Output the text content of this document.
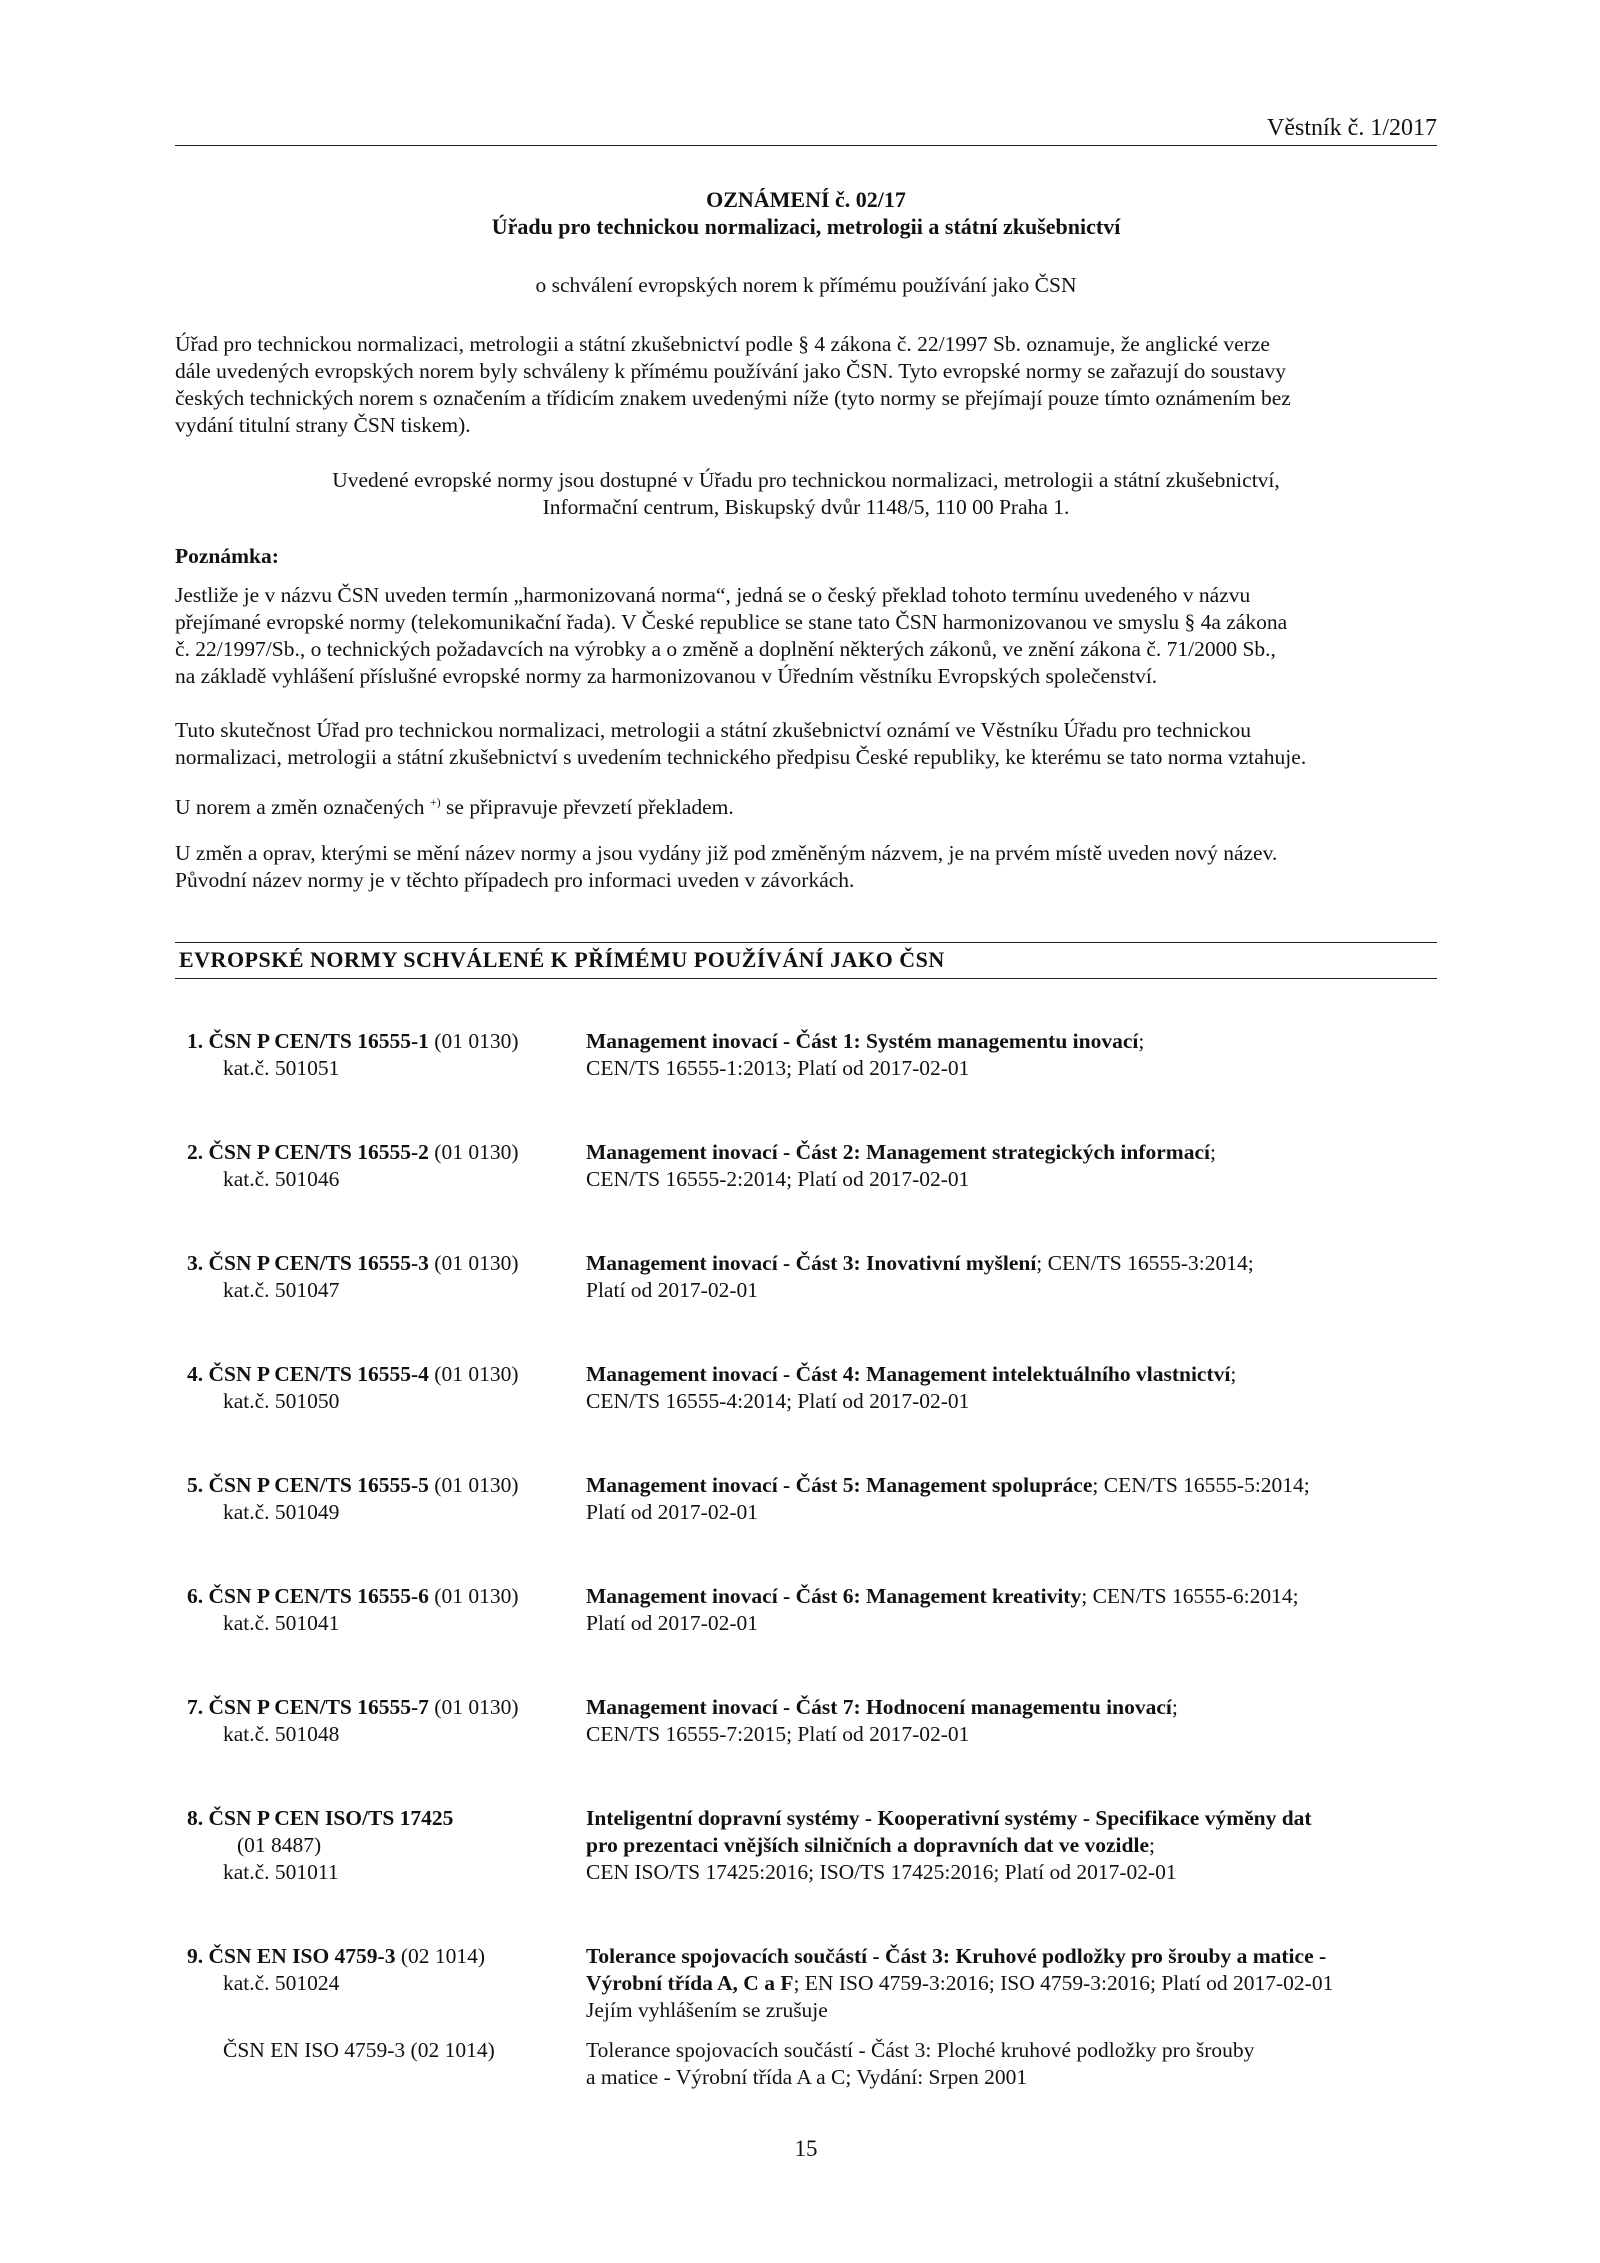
Věstník č. 1/2017
OZNÁMENÍ č. 02/17
Úřadu pro technickou normalizaci, metrologii a státní zkušebnictví
o schválení evropských norem k přímému používání jako ČSN
Úřad pro technickou normalizaci, metrologii a státní zkušebnictví podle § 4 zákona č. 22/1997 Sb. oznamuje, že anglické verze
dále uvedených evropských norem byly schváleny k přímému používání jako ČSN. Tyto evropské normy se zařazují do soustavy
českých technických norem s označením a třídicím znakem uvedenými níže (tyto normy se přejímají pouze tímto oznámením bez
vydání titulní strany ČSN tiskem).
Uvedené evropské normy jsou dostupné v Úřadu pro technickou normalizaci, metrologii a státní zkušebnictví,
Informační centrum, Biskupský dvůr 1148/5, 110 00 Praha 1.
Poznámka:
Jestliže je v názvu ČSN uveden termín „harmonizovaná norma“, jedná se o český překlad tohoto termínu uvedeného v názvu
přejímané evropské normy (telekomunikační řada). V České republice se stane tato ČSN harmonizovanou ve smyslu § 4a zákona
č. 22/1997/Sb., o technických požadavcích na výrobky a o změně a doplnění některých zákonů, ve znění zákona č. 71/2000 Sb.,
na základě vyhlášení příslušné evropské normy za harmonizovanou v Úředním věstníku Evropských společenství.
Tuto skutečnost Úřad pro technickou normalizaci, metrologii a státní zkušebnictví oznámí ve Věstníku Úřadu pro technickou
normalizaci, metrologii a státní zkušebnictví s uvedením technického předpisu České republiky, ke kterému se tato norma vztahuje.
U norem a změn označených +) se připravuje převzetí překladem.
U změn a oprav, kterými se mění název normy a jsou vydány již pod změněným názvem, je na prvém místě uveden nový název.
Původní název normy je v těchto případech pro informaci uveden v závorkách.
EVROPSKÉ NORMY SCHVÁLENÉ K PŘÍMÉMU POUŽÍVÁNÍ JAKO ČSN
1. ČSN P CEN/TS 16555-1 (01 0130)
kat.č. 501051
Management inovací - Část 1: Systém managementu inovací;
CEN/TS 16555-1:2013; Platí od 2017-02-01
2. ČSN P CEN/TS 16555-2 (01 0130)
kat.č. 501046
Management inovací - Část 2: Management strategických informací;
CEN/TS 16555-2:2014; Platí od 2017-02-01
3. ČSN P CEN/TS 16555-3 (01 0130)
kat.č. 501047
Management inovací - Část 3: Inovativní myšlení; CEN/TS 16555-3:2014;
Platí od 2017-02-01
4. ČSN P CEN/TS 16555-4 (01 0130)
kat.č. 501050
Management inovací - Část 4: Management intelektuálního vlastnictví;
CEN/TS 16555-4:2014; Platí od 2017-02-01
5. ČSN P CEN/TS 16555-5 (01 0130)
kat.č. 501049
Management inovací - Část 5: Management spolupráce; CEN/TS 16555-5:2014;
Platí od 2017-02-01
6. ČSN P CEN/TS 16555-6 (01 0130)
kat.č. 501041
Management inovací - Část 6: Management kreativity; CEN/TS 16555-6:2014;
Platí od 2017-02-01
7. ČSN P CEN/TS 16555-7 (01 0130)
kat.č. 501048
Management inovací - Část 7: Hodnocení managementu inovací;
CEN/TS 16555-7:2015; Platí od 2017-02-01
8. ČSN P CEN ISO/TS 17425
(01 8487)
kat.č. 501011
Inteligentní dopravní systémy - Kooperativní systémy - Specifikace výměny dat
pro prezentaci vnějších silničních a dopravních dat ve vozidle;
CEN ISO/TS 17425:2016; ISO/TS 17425:2016; Platí od 2017-02-01
9. ČSN EN ISO 4759-3 (02 1014)
kat.č. 501024
Tolerance spojovacích součástí - Část 3: Kruhové podložky pro šrouby a matice -
Výrobní třída A, C a F; EN ISO 4759-3:2016; ISO 4759-3:2016; Platí od 2017-02-01
Jejím vyhlášením se zrušuje
ČSN EN ISO 4759-3 (02 1014)	Tolerance spojovacích součástí - Část 3: Ploché kruhové podložky pro šrouby
a matice - Výrobní třída A a C; Vydání: Srpen 2001
15
